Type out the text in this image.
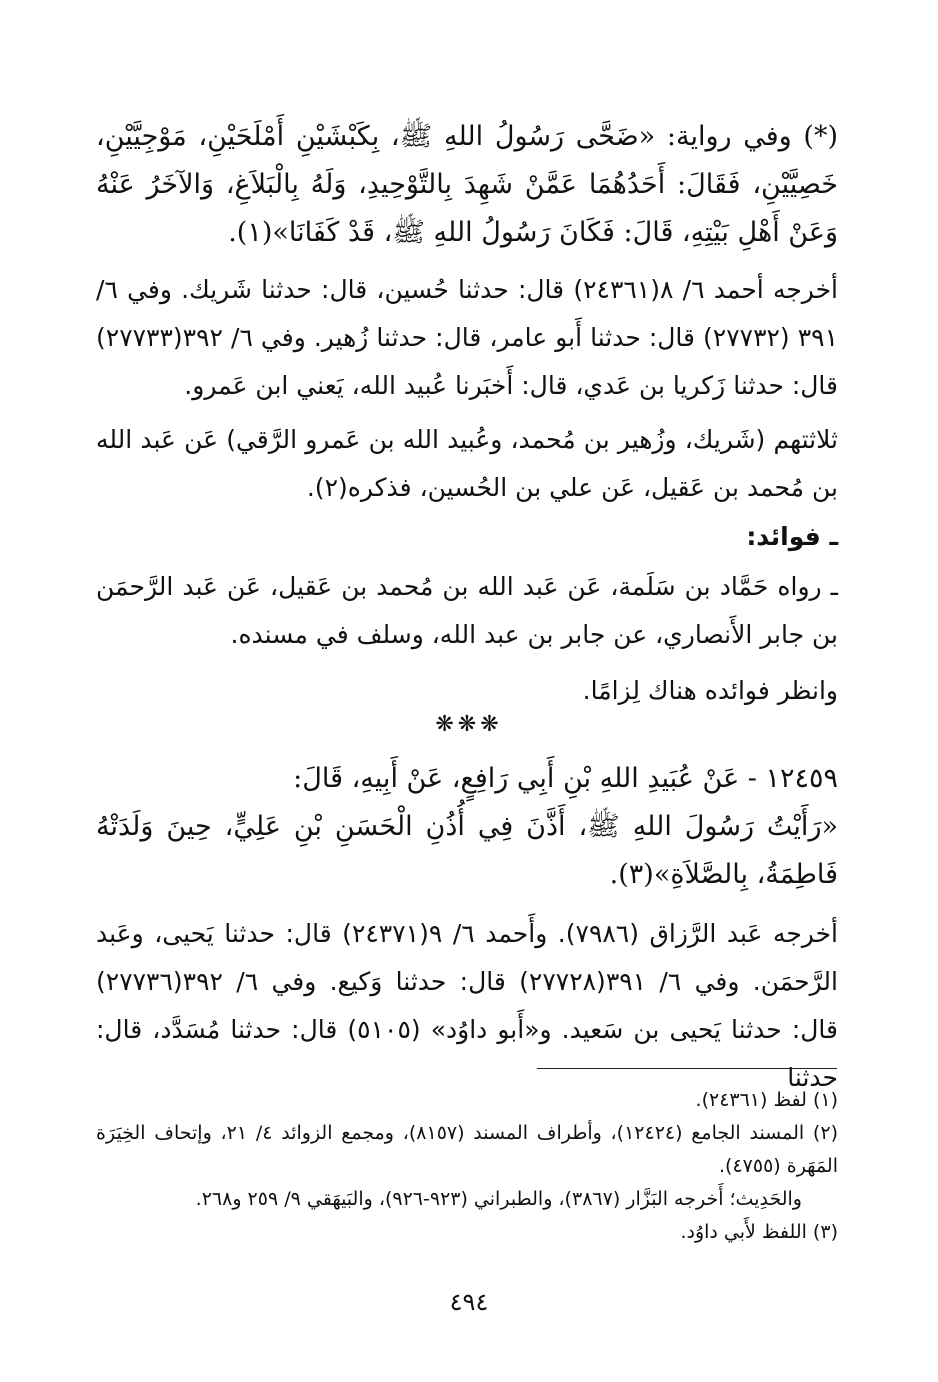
(*) وفي رواية: «ضَحَّى رَسُولُ اللهِ ﷺ، بِكَبْشَيْنِ أَمْلَحَيْنِ، مَوْجِيَّيْنِ، خَصِيَّيْنِ، فَقَالَ: أَحَدُهُمَا عَمَّنْ شَهِدَ بِالتَّوْحِيدِ، وَلَهُ بِالْبَلاَغِ، وَالآخَرُ عَنْهُ وَعَنْ أَهْلِ بَيْتِهِ، قَالَ: فَكَانَ رَسُولُ اللهِ ﷺ، قَدْ كَفَانَا»(١).

أخرجه أحمد ٦/ ٨(٢٤٣٦١) قال: حدثنا حُسين، قال: حدثنا شَريك. وفي ٦/ ٣٩١ (٢٧٧٣٢) قال: حدثنا أَبو عامر، قال: حدثنا زُهير. وفي ٦/ ٣٩٢(٢٧٧٣٣) قال: حدثنا زَكريا بن عَدي، قال: أَخبَرنا عُبيد الله، يَعني ابن عَمرو.

ثلاثتهم (شَريك، وزُهير بن مُحمد، وعُبيد الله بن عَمرو الرَّقي) عَن عَبد الله بن مُحمد بن عَقيل، عَن علي بن الحُسين، فذكره(٢).

ـ فوائد:

ـ رواه حَمَّاد بن سَلَمة، عَن عَبد الله بن مُحمد بن عَقيل، عَن عَبد الرَّحمَن بن جابر الأَنصاري، عن جابر بن عبد الله، وسلف في مسنده.

وانظر فوائده هناك لِزامًا.

❋❋❋

١٢٤٥٩ - عَنْ عُبَيدِ اللهِ بْنِ أَبِي رَافِعٍ، عَنْ أَبِيهِ، قَالَ:

«رَأَيْتُ رَسُولَ اللهِ ﷺ، أَذَّنَ فِي أُذُنِ الْحَسَنِ بْنِ عَلِيٍّ، حِينَ وَلَدَتْهُ فَاطِمَةُ، بِالصَّلاَةِ»(٣).

أخرجه عَبد الرَّزاق (٧٩٨٦). وأَحمد ٦/ ٩(٢٤٣٧١) قال: حدثنا يَحيى، وعَبد الرَّحمَن. وفي ٦/ ٣٩١(٢٧٧٢٨) قال: حدثنا وَكيع. وفي ٦/ ٣٩٢(٢٧٧٣٦) قال: حدثنا يَحيى بن سَعيد. و«أَبو داوُد» (٥١٠٥) قال: حدثنا مُسَدَّد، قال: حدثنا

(١) لفظ (٢٤٣٦١).

(٢) المسند الجامع (١٢٤٢٤)، وأطراف المسند (٨١٥٧)، ومجمع الزوائد ٤/ ٢١، وإتحاف الخِيَرَة المَهَرة (٤٧٥٥).

والحَدِيث؛ أَخرجه البَزَّار (٣٨٦٧)، والطبراني (٩٢٣-٩٢٦)، والبَيهَقي ٩/ ٢٥٩ و٢٦٨.

(٣) اللفظ لأَبي داوُد.

٤٩٤
